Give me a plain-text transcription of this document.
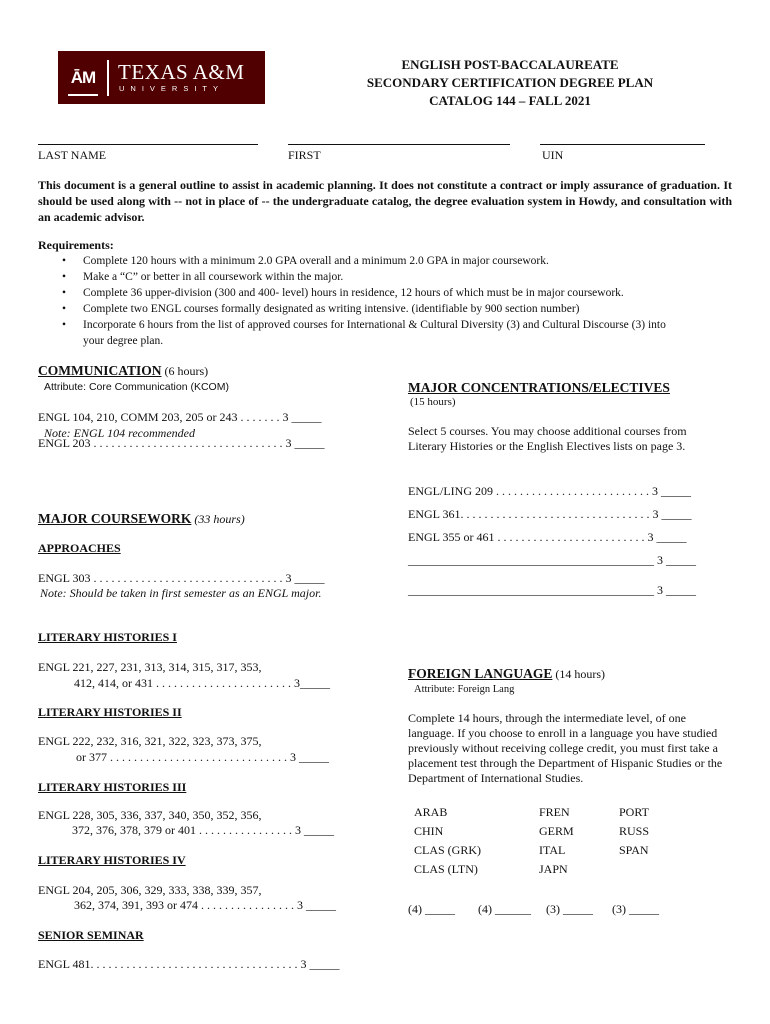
ĀM TEXAS A&M
UNIVERSITY
ENGLISH POST-BACCALAUREATE
SECONDARY CERTIFICATION DEGREE PLAN
CATALOG 144 – FALL 2021
LAST NAME	FIRST	UIN
This document is a general outline to assist in academic planning. It does not constitute a contract or imply assurance of graduation. It should be used along with -- not in place of -- the undergraduate catalog, the degree evaluation system in Howdy, and consultation with an academic advisor.
Requirements:
• Complete 120 hours with a minimum 2.0 GPA overall and a minimum 2.0 GPA in major coursework.
• Make a “C” or better in all coursework within the major.
• Complete 36 upper-division (300 and 400- level) hours in residence, 12 hours of which must be in major coursework.
• Complete two ENGL courses formally designated as writing intensive. (identifiable by 900 section number)
• Incorporate 6 hours from the list of approved courses for International & Cultural Diversity (3) and Cultural Discourse (3) into
your degree plan.
COMMUNICATION (6 hours)
Attribute: Core Communication (KCOM)
ENGL 104, 210, COMM 203, 205 or 243 . . . . . . . 3 _____
Note: ENGL 104 recommended
ENGL 203 . . . . . . . . . . . . . . . . . . . . . . . . . . . . . . . . 3 _____
MAJOR COURSEWORK (33 hours)
APPROACHES
ENGL 303 . . . . . . . . . . . . . . . . . . . . . . . . . . . . . . . . 3 _____
Note: Should be taken in first semester as an ENGL major.
LITERARY HISTORIES I
ENGL 221, 227, 231, 313, 314, 315, 317, 353,
412, 414, or 431 . . . . . . . . . . . . . . . . . . . . . . . 3_____
LITERARY HISTORIES II
ENGL 222, 232, 316, 321, 322, 323, 373, 375,
or 377 . . . . . . . . . . . . . . . . . . . . . . . . . . . . . . 3 _____
LITERARY HISTORIES III
ENGL 228, 305, 336, 337, 340, 350, 352, 356,
372, 376, 378, 379 or 401 . . . . . . . . . . . . . . . . 3 _____
LITERARY HISTORIES IV
ENGL 204, 205, 306, 329, 333, 338, 339, 357,
362, 374, 391, 393 or 474 . . . . . . . . . . . . . . . . 3 _____
SENIOR SEMINAR
ENGL 481. . . . . . . . . . . . . . . . . . . . . . . . . . . . . . . . . . . 3 _____
MAJOR CONCENTRATIONS/ELECTIVES
(15 hours)
Select 5 courses. You may choose additional courses from Literary Histories or the English Electives lists on page 3.
ENGL/LING 209 . . . . . . . . . . . . . . . . . . . . . . . . . . 3 _____
ENGL 361. . . . . . . . . . . . . . . . . . . . . . . . . . . . . . . . 3 _____
ENGL 355 or 461 . . . . . . . . . . . . . . . . . . . . . . . . . 3 _____
_________________________________________ 3 _____
_________________________________________ 3 _____
FOREIGN LANGUAGE (14 hours)
Attribute: Foreign Lang
Complete 14 hours, through the intermediate level, of one language. If you choose to enroll in a language you have studied previously without receiving college credit, you must first take a placement test through the Department of Hispanic Studies or the Department of International Studies.
ARAB
CHIN
CLAS (GRK)
CLAS (LTN)
FREN
GERM
ITAL
JAPN
PORT
RUSS
SPAN
(4) _____ (4) ______ (3) _____ (3) _____
